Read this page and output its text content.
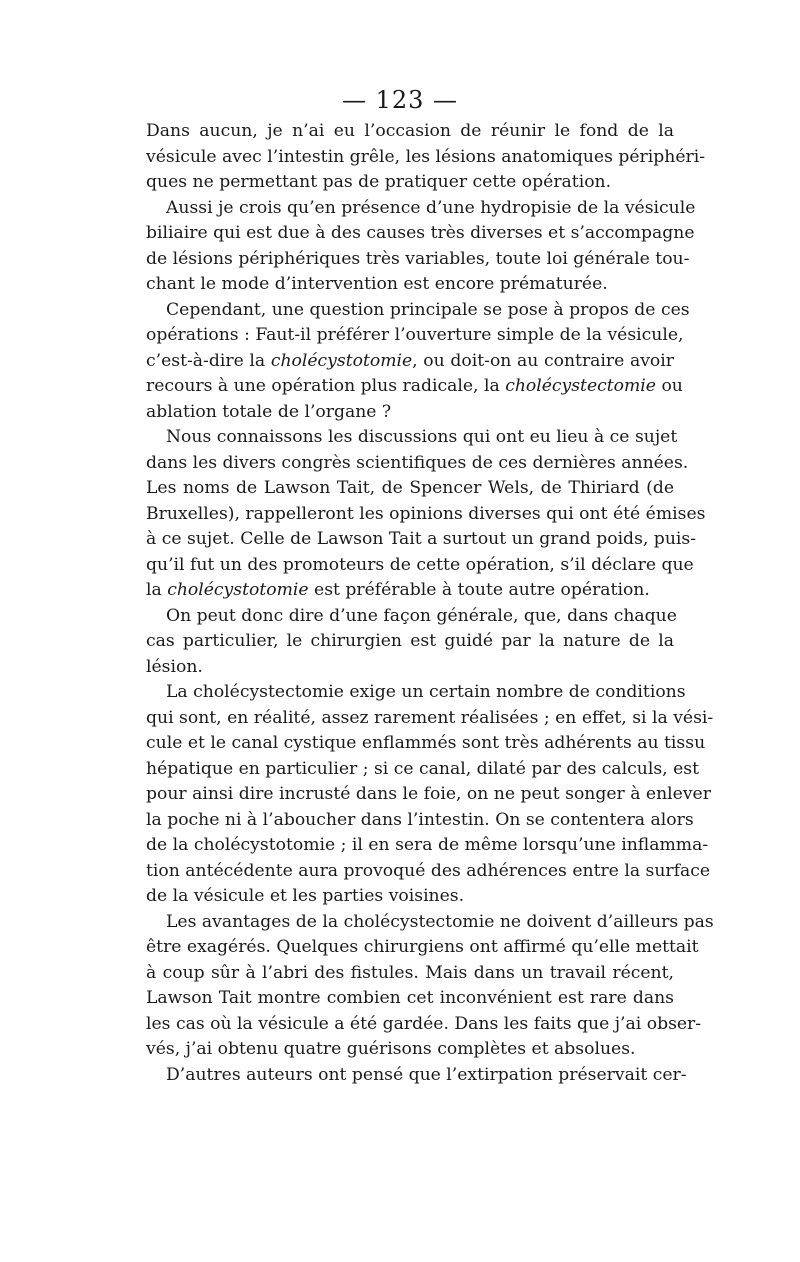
— 123 —
Dans aucun, je n’ai eu l’occasion de réunir le fond de la
vésicule avec l’intestin grêle, les lésions anatomiques périphéri-
ques ne permettant pas de pratiquer cette opération.
Aussi je crois qu’en présence d’une hydropisie de la vésicule
biliaire qui est due à des causes très diverses et s’accompagne
de lésions périphériques très variables, toute loi générale tou-
chant le mode d’intervention est encore prématurée.
Cependant, une question principale se pose à propos de ces
opérations : Faut-il préférer l’ouverture simple de la vésicule,
c’est-à-dire la cholécystotomie, ou doit-on au contraire avoir
recours à une opération plus radicale, la cholécystectomie ou
ablation totale de l’organe ?
Nous connaissons les discussions qui ont eu lieu à ce sujet
dans les divers congrès scientifiques de ces dernières années.
Les noms de Lawson Tait, de Spencer Wels, de Thiriard (de
Bruxelles), rappelleront les opinions diverses qui ont été émises
à ce sujet. Celle de Lawson Tait a surtout un grand poids, puis-
qu’il fut un des promoteurs de cette opération, s’il déclare que
la cholécystotomie est préférable à toute autre opération.
On peut donc dire d’une façon générale, que, dans chaque
cas particulier, le chirurgien est guidé par la nature de la
lésion.
La cholécystectomie exige un certain nombre de conditions
qui sont, en réalité, assez rarement réalisées ; en effet, si la vési-
cule et le canal cystique enflammés sont très adhérents au tissu
hépatique en particulier ; si ce canal, dilaté par des calculs, est
pour ainsi dire incrusté dans le foie, on ne peut songer à enlever
la poche ni à l’aboucher dans l’intestin. On se contentera alors
de la cholécystotomie ; il en sera de même lorsqu’une inflamma-
tion antécédente aura provoqué des adhérences entre la surface
de la vésicule et les parties voisines.
Les avantages de la cholécystectomie ne doivent d’ailleurs pas
être exagérés. Quelques chirurgiens ont affirmé qu’elle mettait
à coup sûr à l’abri des fistules. Mais dans un travail récent,
Lawson Tait montre combien cet inconvénient est rare dans
les cas où la vésicule a été gardée. Dans les faits que j’ai obser-
vés, j’ai obtenu quatre guérisons complètes et absolues.
D’autres auteurs ont pensé que l’extirpation préservait cer-
